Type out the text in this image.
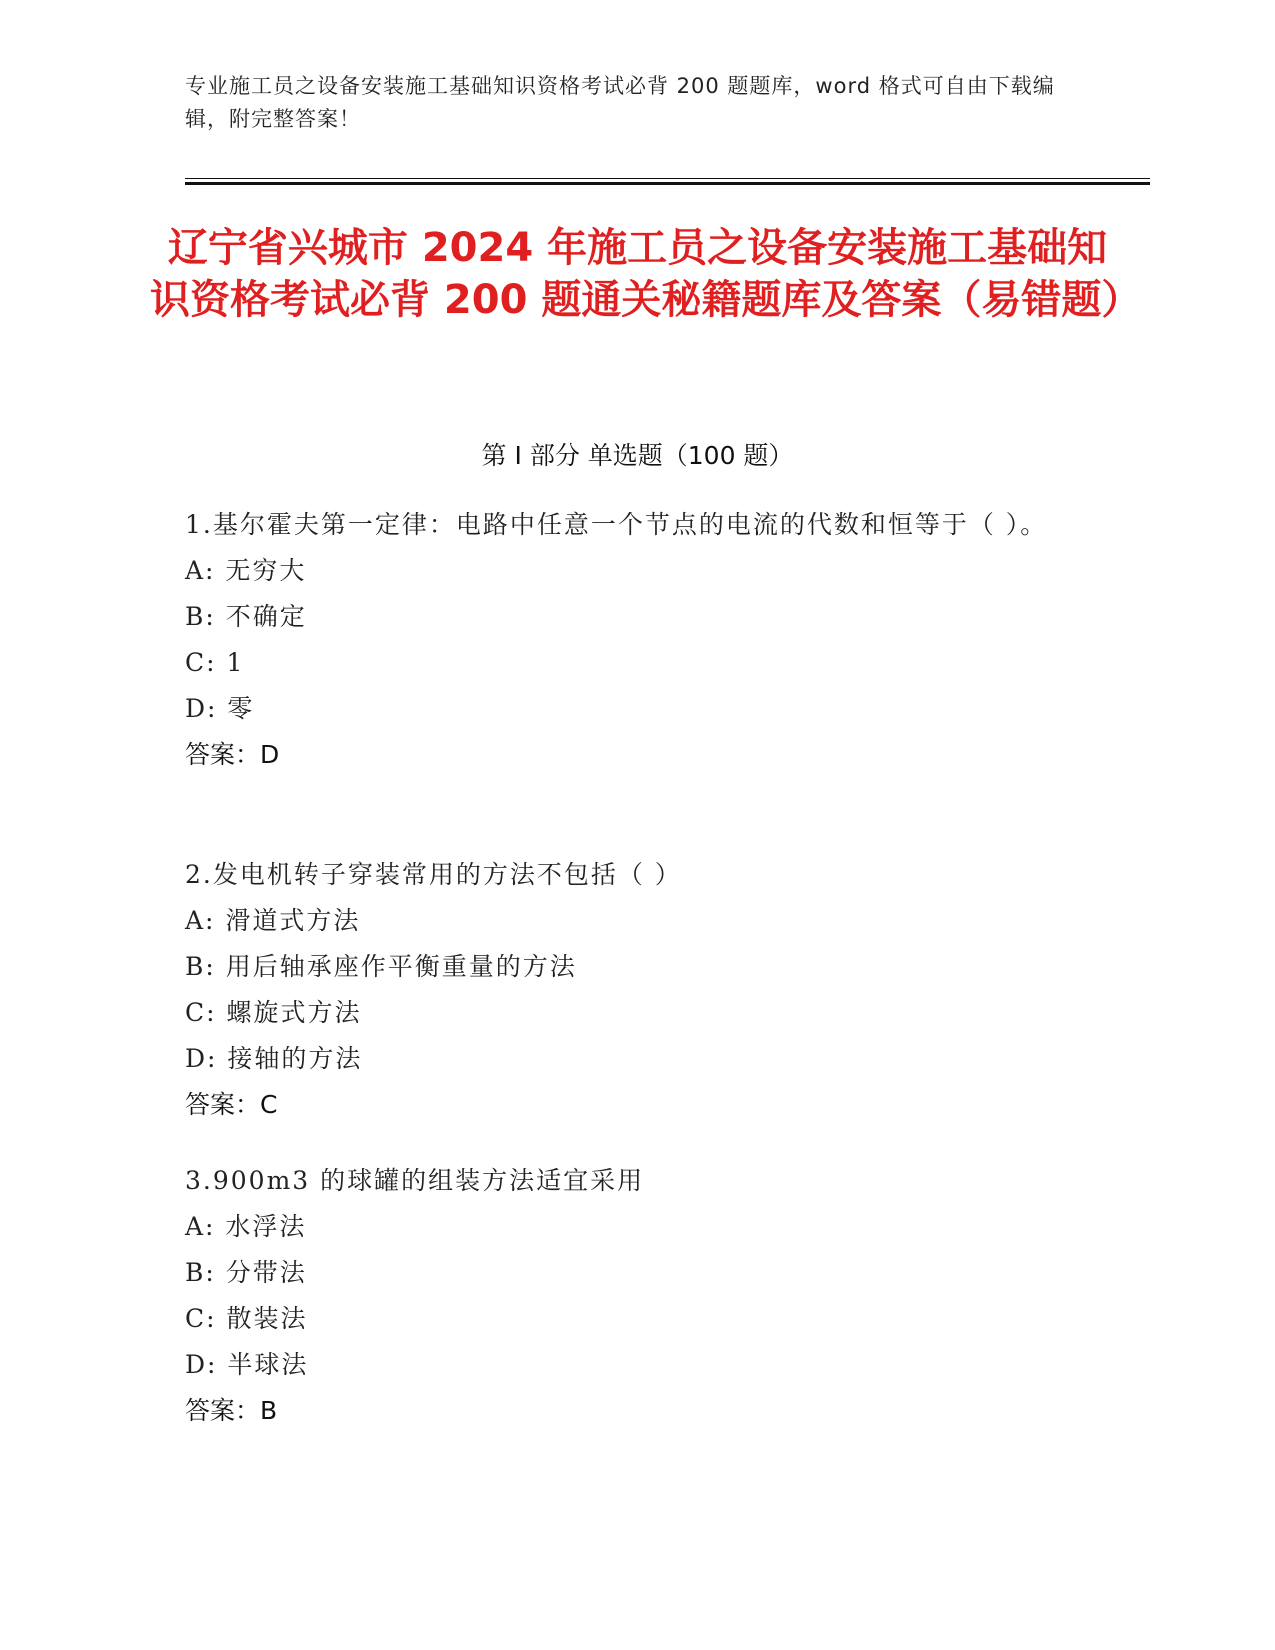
专业施工员之设备安装施工基础知识资格考试必背 200 题题库，word 格式可自由下载编辑，附完整答案！
辽宁省兴城市 2024 年施工员之设备安装施工基础知识资格考试必背 200 题通关秘籍题库及答案（易错题）
第 I 部分 单选题（100 题）
1.基尔霍夫第一定律：电路中任意一个节点的电流的代数和恒等于（ ）。
A: 无穷大
B: 不确定
C: 1
D: 零
答案：D
2.发电机转子穿装常用的方法不包括（ ）
A: 滑道式方法
B: 用后轴承座作平衡重量的方法
C: 螺旋式方法
D: 接轴的方法
答案：C
3.900m3 的球罐的组装方法适宜采用
A: 水浮法
B: 分带法
C: 散装法
D: 半球法
答案：B
